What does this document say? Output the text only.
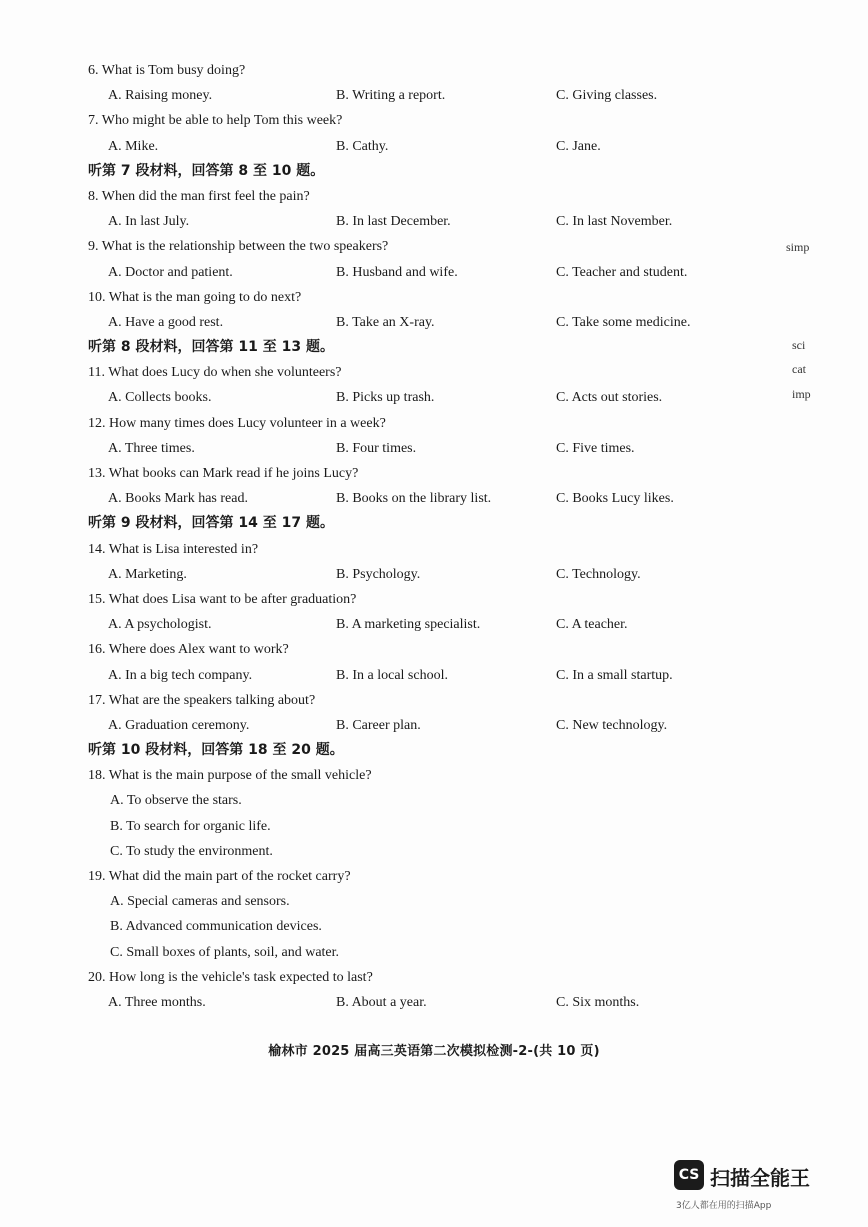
6. What is Tom busy doing?
A. Raising money.	B. Writing a report.	C. Giving classes.
7. Who might be able to help Tom this week?
A. Mike.	B. Cathy.	C. Jane.
听第 7 段材料，回答第 8 至 10 题。
8. When did the man first feel the pain?
A. In last July.	B. In last December.	C. In last November.
9. What is the relationship between the two speakers?
A. Doctor and patient.	B. Husband and wife.	C. Teacher and student.
10. What is the man going to do next?
A. Have a good rest.	B. Take an X-ray.	C. Take some medicine.
听第 8 段材料，回答第 11 至 13 题。
11. What does Lucy do when she volunteers?
A. Collects books.	B. Picks up trash.	C. Acts out stories.
12. How many times does Lucy volunteer in a week?
A. Three times.	B. Four times.	C. Five times.
13. What books can Mark read if he joins Lucy?
A. Books Mark has read.	B. Books on the library list.	C. Books Lucy likes.
听第 9 段材料，回答第 14 至 17 题。
14. What is Lisa interested in?
A. Marketing.	B. Psychology.	C. Technology.
15. What does Lisa want to be after graduation?
A. A psychologist.	B. A marketing specialist.	C. A teacher.
16. Where does Alex want to work?
A. In a big tech company.	B. In a local school.	C. In a small startup.
17. What are the speakers talking about?
A. Graduation ceremony.	B. Career plan.	C. New technology.
听第 10 段材料，回答第 18 至 20 题。
18. What is the main purpose of the small vehicle?
A. To observe the stars.
B. To search for organic life.
C. To study the environment.
19. What did the main part of the rocket carry?
A. Special cameras and sensors.
B. Advanced communication devices.
C. Small boxes of plants, soil, and water.
20. How long is the vehicle's task expected to last?
A. Three months.	B. About a year.	C. Six months.
simp
sci
cat
imp
榆林市 2025 届高三英语第二次模拟检测-2-(共 10 页)
CS 扫描全能王
3亿人都在用的扫描App
